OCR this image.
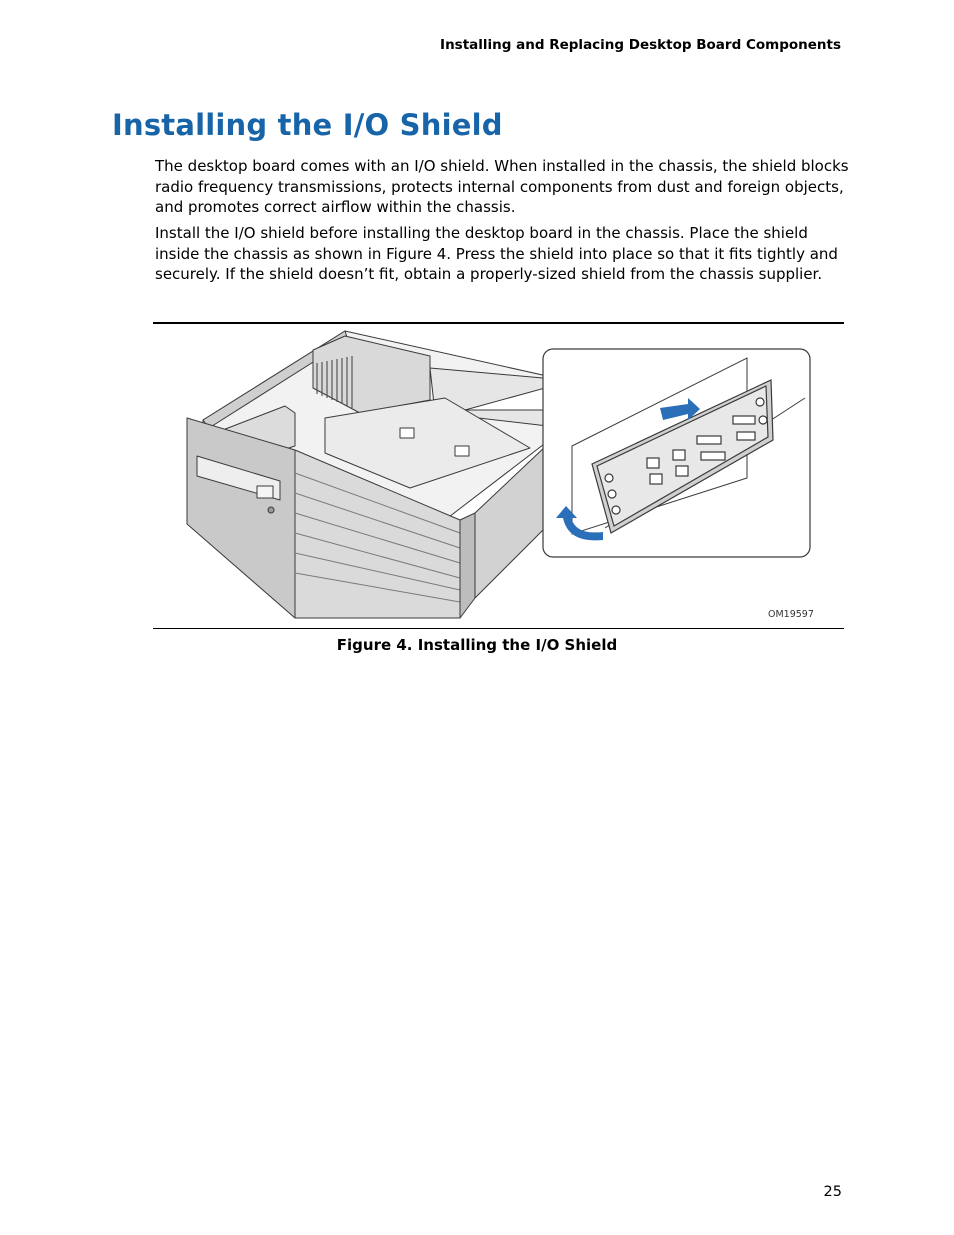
Installing and Replacing Desktop Board Components
Installing the I/O Shield

The desktop board comes with an I/O shield. When installed in the chassis, the shield blocks radio frequency transmissions, protects internal components from dust and foreign objects, and promotes correct airflow within the chassis.

Install the I/O shield before installing the desktop board in the chassis. Place the shield inside the chassis as shown in Figure 4. Press the shield into place so that it fits tightly and securely. If the shield doesn’t fit, obtain a properly-sized shield from the chassis supplier.

OM19597

Figure 4. Installing the I/O Shield

25
